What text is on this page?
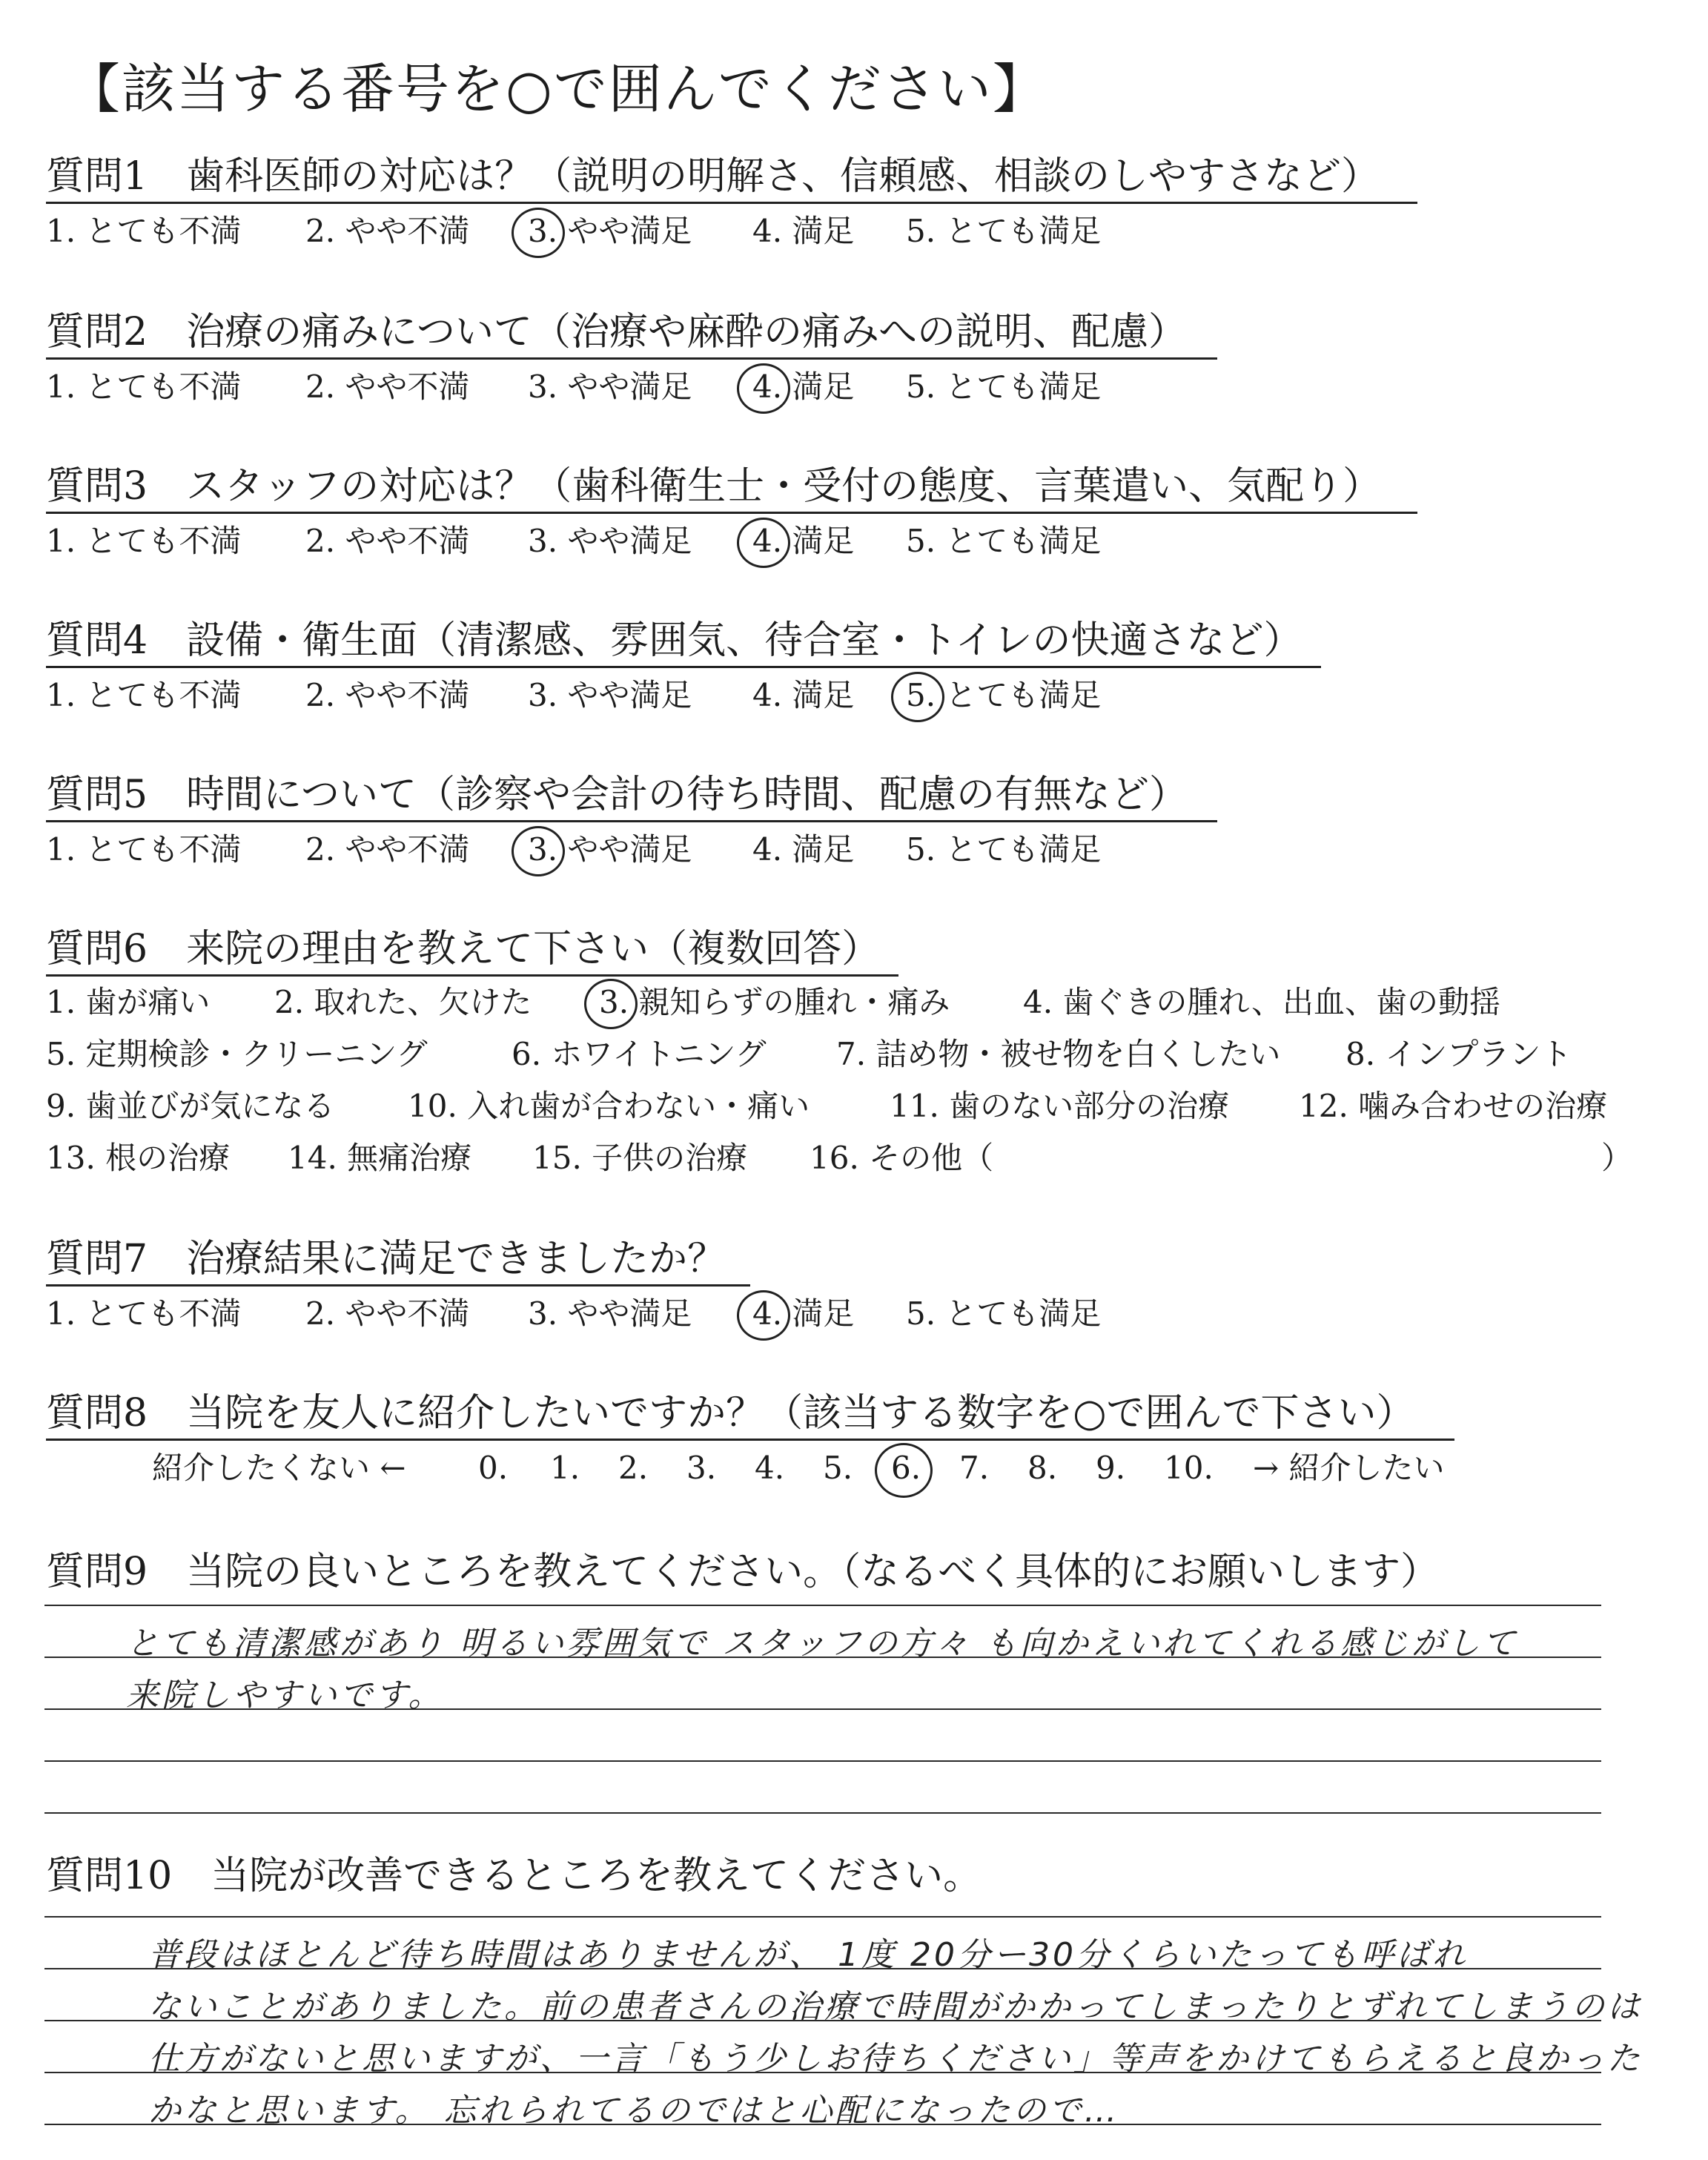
【該当する番号を○で囲んでください】
質問1　歯科医師の対応は？（説明の明解さ、信頼感、相談のしやすさなど）
1. とても不満 2. やや不満 3. やや満足 4. 満足 5. とても満足
質問2　治療の痛みについて（治療や麻酔の痛みへの説明、配慮）
1. とても不満 2. やや不満 3. やや満足 4. 満足 5. とても満足
質問3　スタッフの対応は？（歯科衛生士・受付の態度、言葉遣い、気配り）
1. とても不満 2. やや不満 3. やや満足 4. 満足 5. とても満足
質問4　設備・衛生面（清潔感、雰囲気、待合室・トイレの快適さなど）
1. とても不満 2. やや不満 3. やや満足 4. 満足 5. とても満足
質問5　時間について（診察や会計の待ち時間、配慮の有無など）
1. とても不満 2. やや不満 3. やや満足 4. 満足 5. とても満足
質問6　来院の理由を教えて下さい（複数回答）
1. 歯が痛い 2. 取れた、欠けた 3. 親知らずの腫れ・痛み 4. 歯ぐきの腫れ、出血、歯の動揺
5. 定期検診・クリーニング	6. ホワイトニング 7. 詰め物・被せ物を白くしたい 8. インプラント
9. 歯並びが気になる 10. 入れ歯が合わない・痛い	11. 歯のない部分の治療 12. 噛み合わせの治療
13. 根の治療 14. 無痛治療 15. 子供の治療 16. その他（	）
質問7　治療結果に満足できましたか？
1. とても不満 2. やや不満 3. やや満足 4. 満足 5. とても満足
質問8　当院を友人に紹介したいですか？（該当する数字を○で囲んで下さい）
紹介したくない ← 0. 1. 2. 3. 4. 5. 6. 7. 8. 9. 10. → 紹介したい
質問9　当院の良いところを教えてください。（なるべく具体的にお願いします）
とても清潔感があり 明るい雰囲気で スタッフの方々 も向かえいれてくれる感じがして
来院しやすいです。
質問10　当院が改善できるところを教えてください。
普段はほとんど待ち時間はありませんが、 1度 20分ー30分くらいたっても呼ばれ
ないことがありました。前の患者さんの治療で時間がかかってしまったりとずれてしまうのは
仕方がないと思いますが、一言「もう少しお待ちください」等声をかけてもらえると良かった
かなと思います。 忘れられてるのではと心配になったので…
